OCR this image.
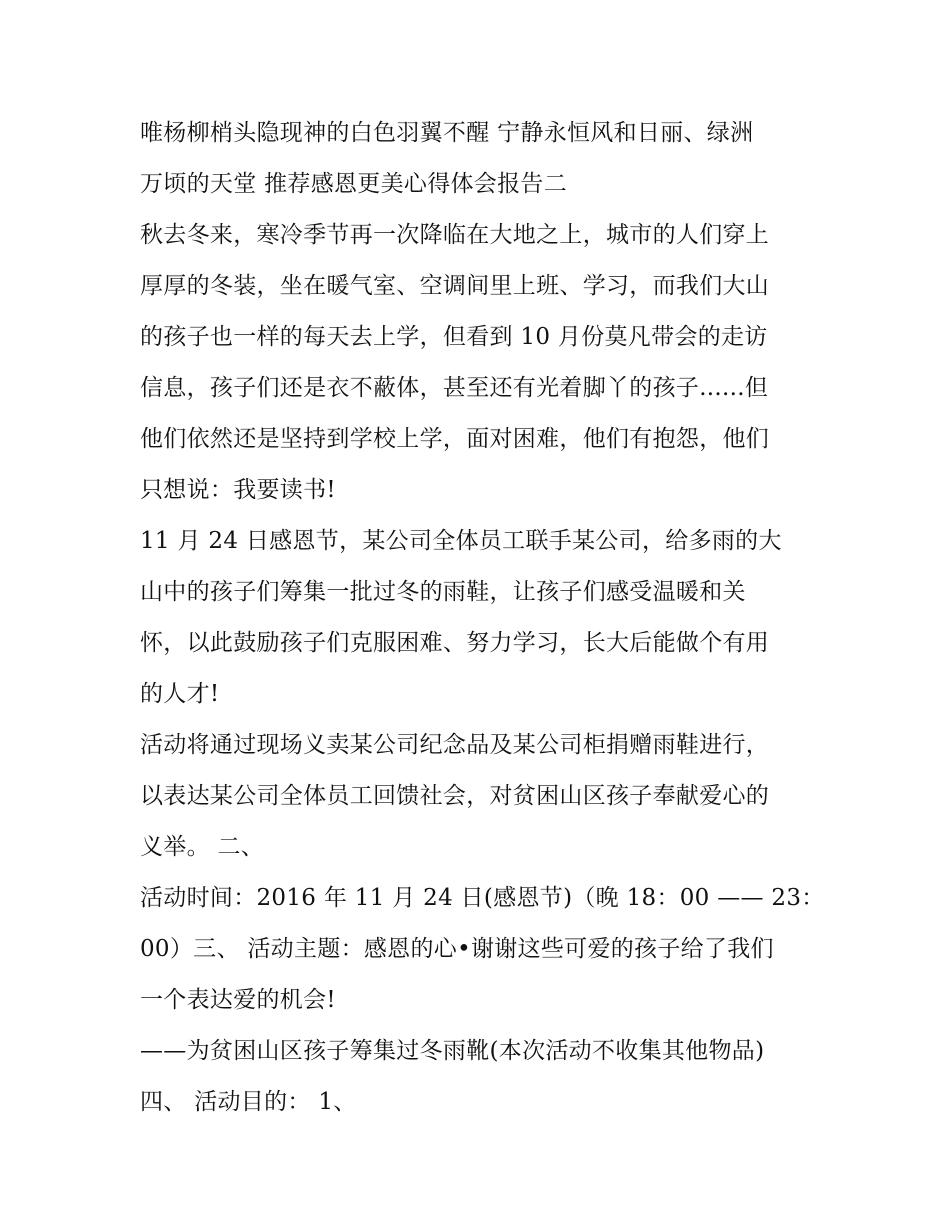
唯杨柳梢头隐现神的白色羽翼不醒 宁静永恒风和日丽、绿洲
万顷的天堂 推荐感恩更美心得体会报告二
秋去冬来，寒冷季节再一次降临在大地之上，城市的人们穿上
厚厚的冬装，坐在暖气室、空调间里上班、学习，而我们大山
的孩子也一样的每天去上学，但看到 10 月份莫凡带会的走访
信息，孩子们还是衣不蔽体，甚至还有光着脚丫的孩子......但
他们依然还是坚持到学校上学，面对困难，他们有抱怨，他们
只想说：我要读书!
11 月 24 日感恩节，某公司全体员工联手某公司，给多雨的大
山中的孩子们筹集一批过冬的雨鞋，让孩子们感受温暖和关
怀，以此鼓励孩子们克服困难、努力学习，长大后能做个有用
的人才!
活动将通过现场义卖某公司纪念品及某公司柜捐赠雨鞋进行，
以表达某公司全体员工回馈社会，对贫困山区孩子奉献爱心的
义举。 二、
活动时间：2016 年 11 月 24 日(感恩节)（晚 18：00 —— 23：
00）三、 活动主题：感恩的心•谢谢这些可爱的孩子给了我们
一个表达爱的机会!
——为贫困山区孩子筹集过冬雨靴(本次活动不收集其他物品)
四、 活动目的： 1、
